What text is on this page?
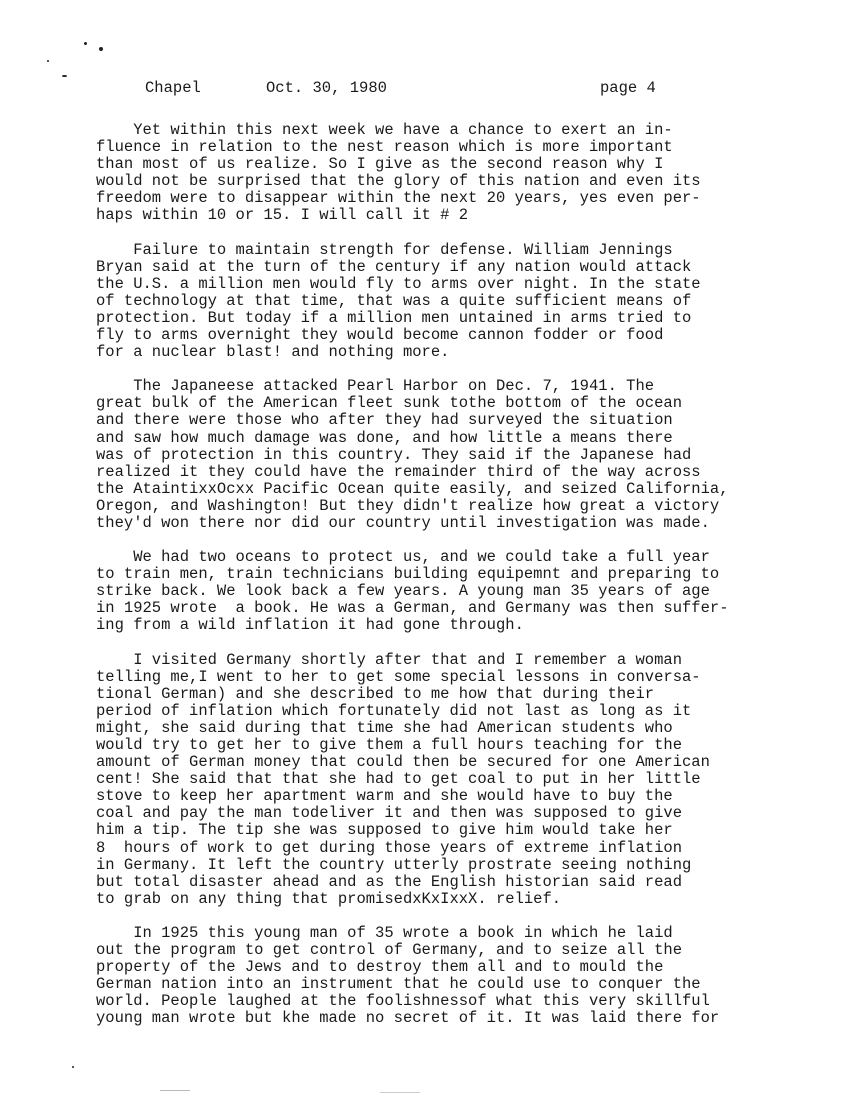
Chapel	Oct. 30, 1980	page 4
Yet within this next week we have a chance to exert an in-
fluence in relation to the nest reason which is more important
than most of us realize. So I give as the second reason why I
would not be surprised that the glory of this nation and even its
freedom were to disappear within the next 20 years, yes even per-
haps within 10 or 15. I will call it # 2
Failure to maintain strength for defense. William Jennings
Bryan said at the turn of the century if any nation would attack
the U.S. a million men would fly to arms over night. In the state
of technology at that time, that was a quite sufficient means of
protection. But today if a million men untained in arms tried to
fly to arms overnight they would become cannon fodder or food
for a nuclear blast! and nothing more.
The Japaneese attacked Pearl Harbor on Dec. 7, 1941. The
great bulk of the American fleet sunk tothe bottom of the ocean
and there were those who after they had surveyed the situation
and saw how much damage was done, and how little a means there
was of protection in this country. They said if the Japanese had
realized it they could have the remainder third of the way across
the AtaintixxOcxx Pacific Ocean quite easily, and seized California,
Oregon, and Washington! But they didn't realize how great a victory
they'd won there nor did our country until investigation was made.
We had two oceans to protect us, and we could take a full year
to train men, train technicians building equipemnt and preparing to
strike back. We look back a few years. A young man 35 years of age
in 1925 wrote  a book. He was a German, and Germany was then suffer-
ing from a wild inflation it had gone through.
I visited Germany shortly after that and I remember a woman
telling me,I went to her to get some special lessons in conversa-
tional German) and she described to me how that during their
period of inflation which fortunately did not last as long as it
might, she said during that time she had American students who
would try to get her to give them a full hours teaching for the
amount of German money that could then be secured for one American
cent! She said that that she had to get coal to put in her little
stove to keep her apartment warm and she would have to buy the
coal and pay the man todeliver it and then was supposed to give
him a tip. The tip she was supposed to give him would take her
8  hours of work to get during those years of extreme inflation
in Germany. It left the country utterly prostrate seeing nothing
but total disaster ahead and as the English historian said read
to grab on any thing that promisedxKxIxxX. relief.
In 1925 this young man of 35 wrote a book in which he laid
out the program to get control of Germany, and to seize all the
property of the Jews and to destroy them all and to mould the
German nation into an instrument that he could use to conquer the
world. People laughed at the foolishnessof what this very skillful
young man wrote but khe made no secret of it. It was laid there for
